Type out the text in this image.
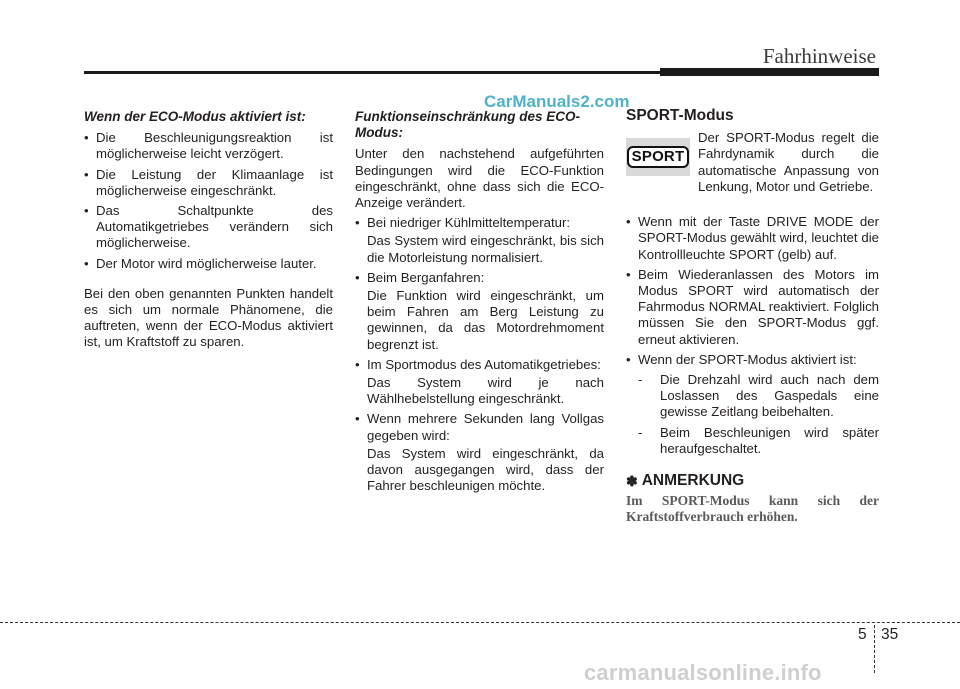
Fahrhinweise
CarManuals2.com
Wenn der ECO-Modus aktiviert ist:
• Die Beschleunigungsreaktion ist möglicherweise leicht verzögert.
• Die Leistung der Klimaanlage ist möglicherweise eingeschränkt.
• Das Schaltpunkte des Automatikgetriebes verändern sich möglicherweise.
• Der Motor wird möglicherweise lauter.

Bei den oben genannten Punkten handelt es sich um normale Phänomene, die auftreten, wenn der ECO-Modus aktiviert ist, um Kraftstoff zu sparen.

Funktionseinschränkung des ECO-Modus:

Unter den nachstehend aufgeführten Bedingungen wird die ECO-Funktion eingeschränkt, ohne dass sich die ECO-Anzeige verändert.

• Bei niedriger Kühlmitteltemperatur:

Das System wird eingeschränkt, bis sich die Motorleistung normalisiert.

• Beim Berganfahren:

Die Funktion wird eingeschränkt, um beim Fahren am Berg Leistung zu gewinnen, da das Motordrehmoment begrenzt ist.

• Im Sportmodus des Automatikgetriebes:

Das System wird je nach Wählhebelstellung eingeschränkt.

• Wenn mehrere Sekunden lang Vollgas gegeben wird:

Das System wird eingeschränkt, da davon ausgegangen wird, dass der Fahrer beschleunigen möchte.

SPORT-Modus
SPORT
Der SPORT-Modus regelt die Fahrdynamik durch die automatische Anpassung von Lenkung, Motor und Getriebe.
• Wenn mit der Taste DRIVE MODE der SPORT-Modus gewählt wird, leuchtet die Kontrollleuchte SPORT (gelb) auf.
• Beim Wiederanlassen des Motors im Modus SPORT wird automatisch der Fahrmodus NORMAL reaktiviert. Folglich müssen Sie den SPORT-Modus ggf. erneut aktivieren.
• Wenn der SPORT-Modus aktiviert ist:
- Die Drehzahl wird auch nach dem Loslassen des Gaspedals eine gewisse Zeitlang beibehalten.
- Beim Beschleunigen wird später heraufgeschaltet.
✽ ANMERKUNG

Im SPORT-Modus kann sich der Kraftstoffverbrauch erhöhen.

5 35
carmanualsonline.info
